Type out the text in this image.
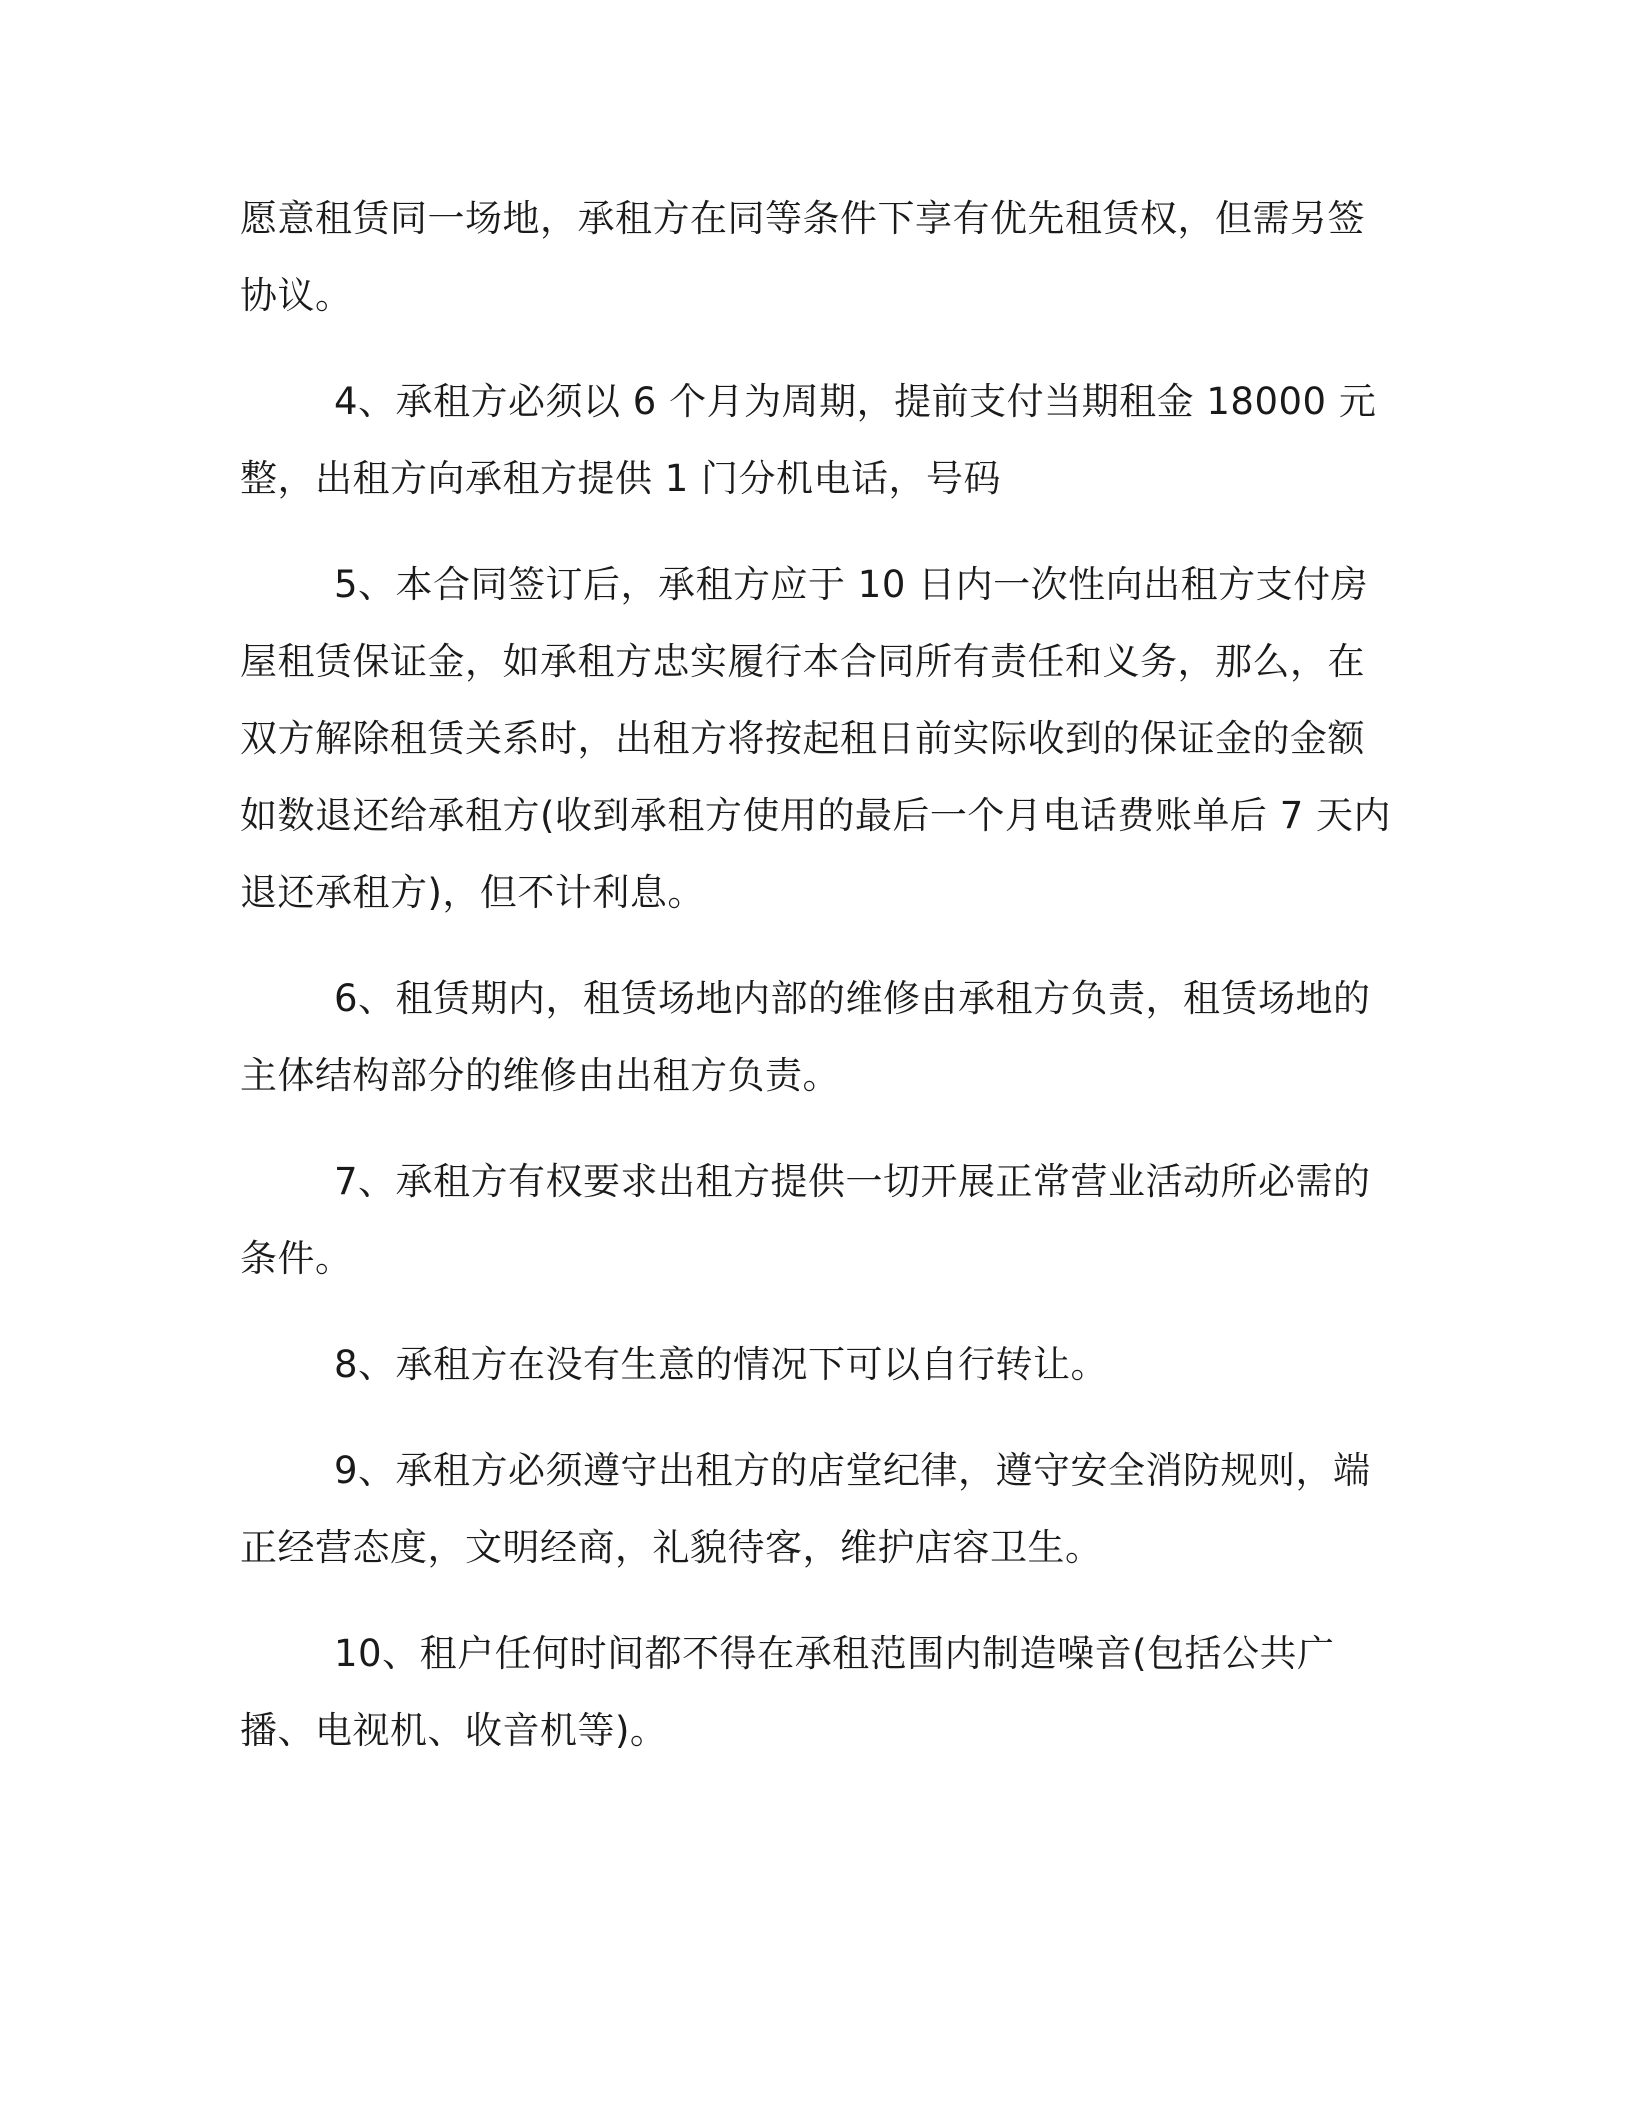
愿意租赁同一场地，承租方在同等条件下享有优先租赁权，但需另签协议。

4、承租方必须以 6 个月为周期，提前支付当期租金 18000 元整，出租方向承租方提供 1 门分机电话，号码

5、本合同签订后，承租方应于 10 日内一次性向出租方支付房屋租赁保证金，如承租方忠实履行本合同所有责任和义务，那么，在双方解除租赁关系时，出租方将按起租日前实际收到的保证金的金额如数退还给承租方(收到承租方使用的最后一个月电话费账单后 7 天内退还承租方)，但不计利息。

6、租赁期内，租赁场地内部的维修由承租方负责，租赁场地的主体结构部分的维修由出租方负责。

7、承租方有权要求出租方提供一切开展正常营业活动所必需的条件。

8、承租方在没有生意的情况下可以自行转让。

9、承租方必须遵守出租方的店堂纪律，遵守安全消防规则，端正经营态度，文明经商，礼貌待客，维护店容卫生。

10、租户任何时间都不得在承租范围内制造噪音(包括公共广播、电视机、收音机等)。
